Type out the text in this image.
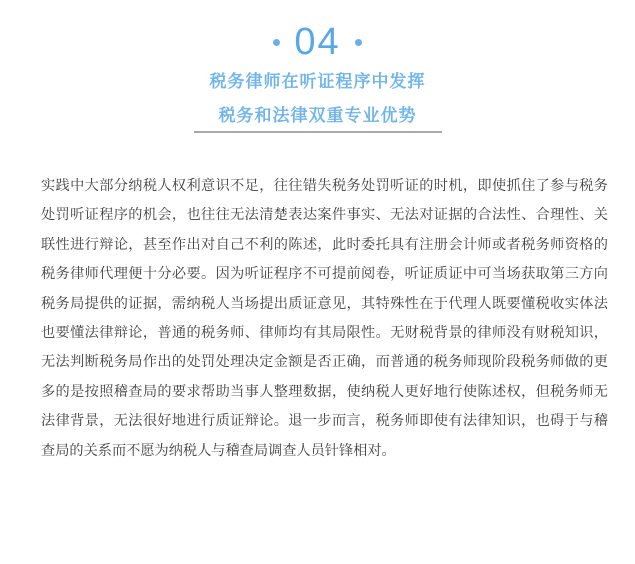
04
税务律师在听证程序中发挥
税务和法律双重专业优势

实践中大部分纳税人权利意识不足，往往错失税务处罚听证的时机，即使抓住了参与税务处罚听证程序的机会，也往往无法清楚表达案件事实、无法对证据的合法性、合理性、关联性进行辩论，甚至作出对自己不利的陈述，此时委托具有注册会计师或者税务师资格的税务律师代理便十分必要。因为听证程序不可提前阅卷，听证质证中可当场获取第三方向税务局提供的证据，需纳税人当场提出质证意见，其特殊性在于代理人既要懂税收实体法也要懂法律辩论，普通的税务师、律师均有其局限性。无财税背景的律师没有财税知识，无法判断税务局作出的处罚处理决定金额是否正确，而普通的税务师现阶段税务师做的更多的是按照稽查局的要求帮助当事人整理数据，使纳税人更好地行使陈述权，但税务师无法律背景，无法很好地进行质证辩论。退一步而言，税务师即使有法律知识，也碍于与稽查局的关系而不愿为纳税人与稽查局调查人员针锋相对。
